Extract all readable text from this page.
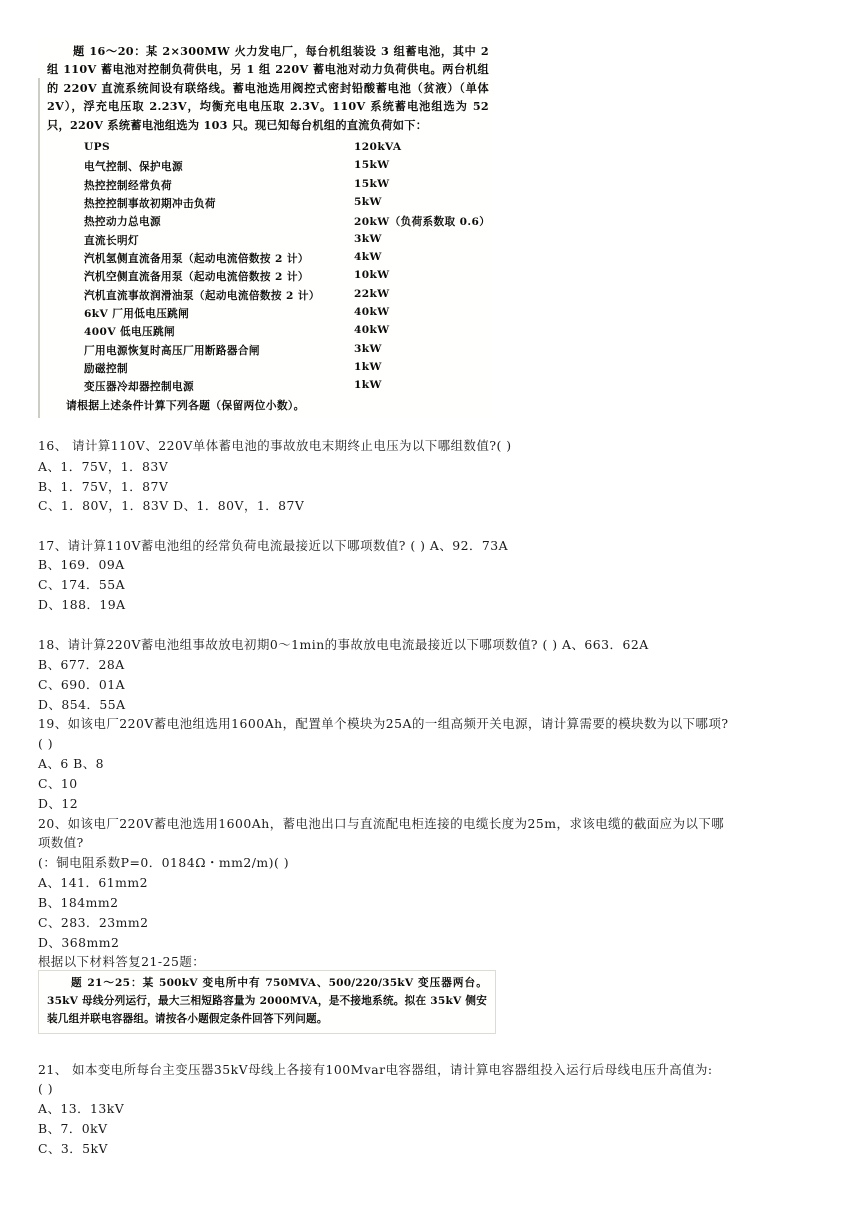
题 16～20：某 2×300MW 火力发电厂，每台机组装设 3 组蓄电池，其中 2 组 110V 蓄电池对控制负荷供电，另 1 组 220V 蓄电池对动力负荷供电。两台机组的 220V 直流系统间设有联络线。蓄电池选用阀控式密封铅酸蓄电池（贫液）（单体 2V），浮充电压取 2.23V，均衡充电电压取 2.3V。110V 系统蓄电池组选为 52 只，220V 系统蓄电池组选为 103 只。现已知每台机组的直流负荷如下：
UPS	120kVA
电气控制、保护电源	15kW
热控控制经常负荷	15kW
热控控制事故初期冲击负荷	5kW
热控动力总电源	20kW（负荷系数取 0.6）
直流长明灯	3kW
汽机氢侧直流备用泵（起动电流倍数按 2 计）	4kW
汽机空侧直流备用泵（起动电流倍数按 2 计）	10kW
汽机直流事故润滑油泵（起动电流倍数按 2 计）	22kW
6kV 厂用低电压跳闸	40kW
400V 低电压跳闸	40kW
厂用电源恢复时高压厂用断路器合闸	3kW
励磁控制	1kW
变压器冷却器控制电源	1kW
请根据上述条件计算下列各题（保留两位小数）。
16、 请计算110V、220V单体蓄电池的事故放电末期终止电压为以下哪组数值?( )
A、1．75V，1．83V
B、1．75V，1．87V
C、1．80V，1．83V D、1．80V，1．87V
17、请计算110V蓄电池组的经常负荷电流最接近以下哪项数值? ( ) A、92．73A
B、169．09A
C、174．55A
D、188．19A
18、请计算220V蓄电池组事故放电初期0～1min的事故放电电流最接近以下哪项数值? ( ) A、663．62A
B、677．28A
C、690．01A
D、854．55A
19、如该电厂220V蓄电池组选用1600Ah，配置单个模块为25A的一组高频开关电源，请计算需要的模块数为以下哪项?
( )
A、6 B、8
C、10
D、12
20、如该电厂220V蓄电池选用1600Ah，蓄电池出口与直流配电柜连接的电缆长度为25m，求该电缆的截面应为以下哪
项数值?
(：铜电阻系数P=0．0184Ω・mm2/m)( )
A、141．61mm2
B、184mm2
C、283．23mm2
D、368mm2
根据以下材料答复21-25题：
题 21～25：某 500kV 变电所中有 750MVA、500/220/35kV 变压器两台。35kV 母线分列运行，最大三相短路容量为 2000MVA，是不接地系统。拟在 35kV 侧安装几组并联电容器组。请按各小题假定条件回答下列问题。
21、 如本变电所每台主变压器35kV母线上各接有100Mvar电容器组，请计算电容器组投入运行后母线电压升高值为:
( )
A、13．13kV
B、7．0kV
C、3．5kV
